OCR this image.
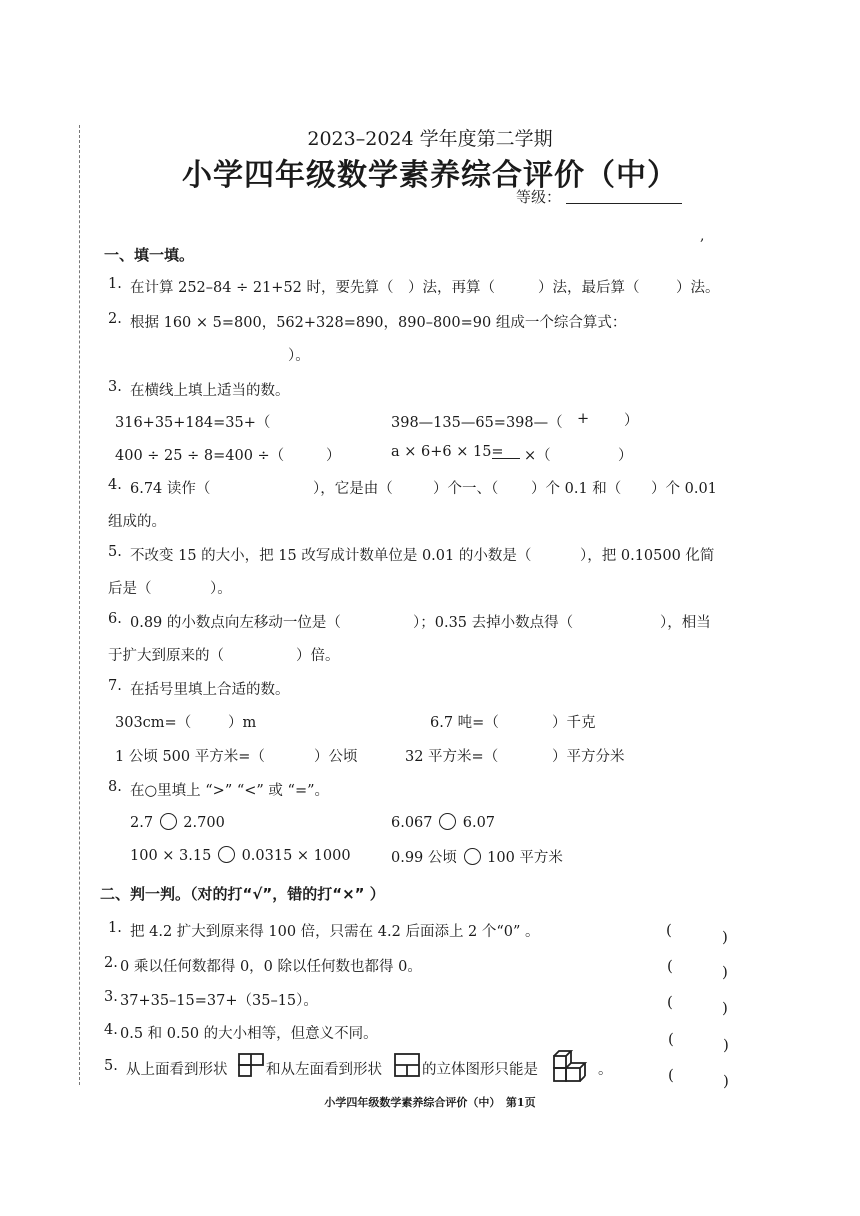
2023–2024 学年度第二学期
小学四年级数学素养综合评价（中）
等级：
,
一、填一填。
1. 在计算 252–84 ÷ 21+52 时，要先算（ ）法，再算（	）法，最后算（	）法。
2. 根据 160 × 5=800，562+328=890，890–800=90 组成一个综合算式：
）。
3. 在横线上填上适当的数。
316+35+184=35+（	398—135—65=398—（ + ）
400 ÷ 25 ÷ 8=400 ÷（	）	a × 6+6 × 15= ×（	）
4. 6.74 读作（	），它是由（	）个一、（ ）个 0.1 和（
组成的。
）个 0.01
5. 不改变 15 的大小，把 15 改写成计数单位是 0.01 的小数是（	），把 0.10500 化简
后是（	）。
6. 0.89 的小数点向左移动一位是（	）；0.35 去掉小数点得（	），相当
于扩大到原来的（	）倍。
7. 在括号里填上合适的数。
303cm=（	）m	6.7 吨=（	）千克
1 公顷 500 平方米=（	）公顷	32 平方米=（	）平方分米
8. 在○里填上 “>” “<” 或 “=”。
2.7 2.700	6.067 6.07
100 × 3.15 0.0315 × 1000	0.99 公顷 100 平方米
二、判一判。（对的打“√”，错的打“×” ）
1. 把 4.2 扩大到原来得 100 倍，只需在 4.2 后面添上 2 个“0” 。
2. 0 乘以任何数都得 0，0 除以任何数也都得 0。
3. 37+35–15=37+（35–15）。
4. 0.5 和 0.50 的大小相等，但意义不同。
5. 从上面看到形状	和从左面看到形状	的立体图形只能是	。
(	)
(	)
(	)
(	)
(	)
小学四年级数学素养综合评价（中）　第1页
